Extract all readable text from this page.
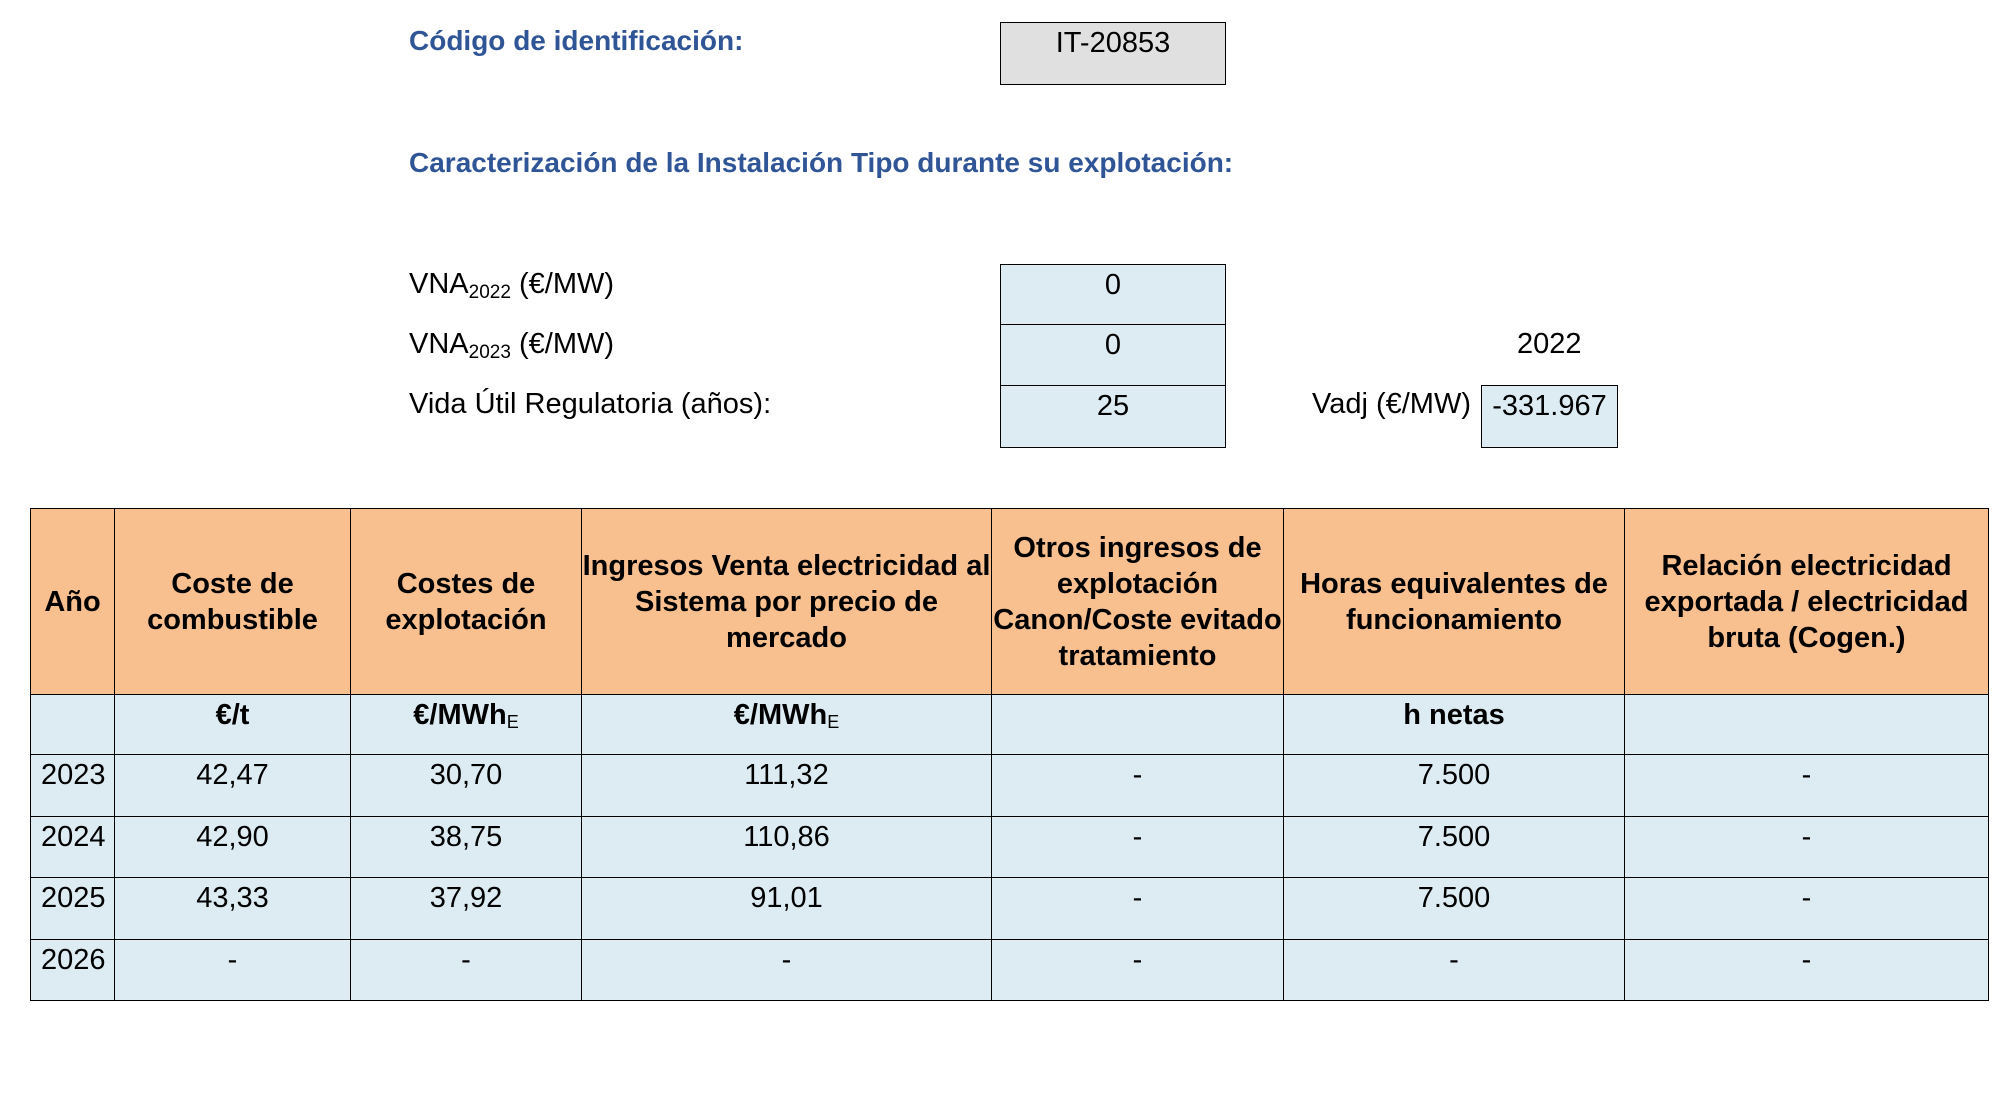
Código de identificación:	IT-20853
Caracterización de la Instalación Tipo durante su explotación:
$VNA_{2022}$ (€/MW)	0
$VNA_{2023}$ (€/MW)	0	2022
Vida Útil Regulatoria (años):	25	Vadj (€/MW) -331.967
Año	Coste de combustible	Costes de explotación	Ingresos Venta electricidad al Sistema por precio de mercado	Otros ingresos de explotación Canon/Coste evitado tratamiento	Horas equivalentes de funcionamiento	Relación electricidad exportada / electricidad bruta (Cogen.)
	€/t	€/MWh$_E$	€/MWh$_E$		h netas	
2023	42,47	30,70	111,32	-	7.500	-
2024	42,90	38,75	110,86	-	7.500	-
2025	43,33	37,92	91,01	-	7.500	-
2026	-	-	-	-	-	-
